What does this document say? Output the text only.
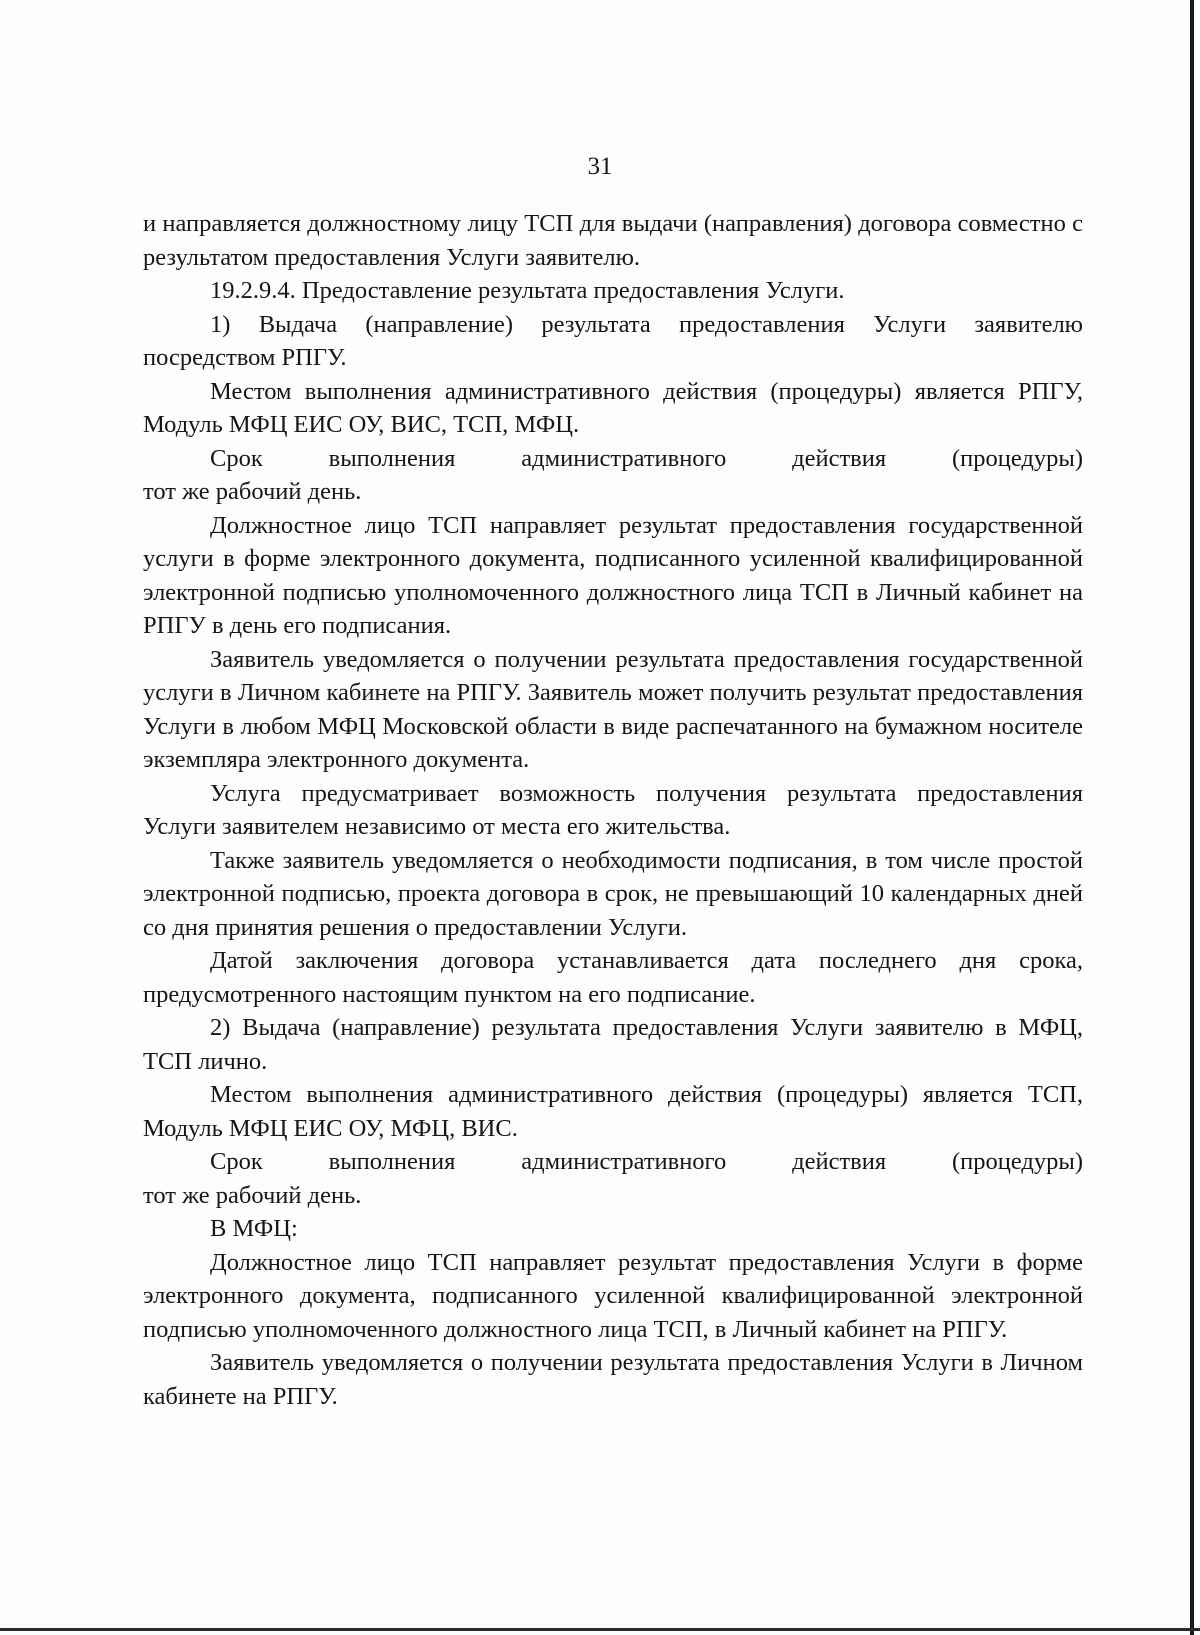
31

и направляется должностному лицу ТСП для выдачи (направления) договора совместно с результатом предоставления Услуги заявителю.

19.2.9.4. Предоставление результата предоставления Услуги.

1) Выдача (направление) результата предоставления Услуги заявителю посредством РПГУ.

Местом выполнения административного действия (процедуры) является РПГУ, Модуль МФЦ ЕИС ОУ, ВИС, ТСП, МФЦ.

Срок выполнения административного действия (процедуры)

тот же рабочий день.

Должностное лицо ТСП направляет результат предоставления государственной услуги в форме электронного документа, подписанного усиленной квалифицированной электронной подписью уполномоченного должностного лица ТСП в Личный кабинет на РПГУ в день его подписания.

Заявитель уведомляется о получении результата предоставления государственной услуги в Личном кабинете на РПГУ. Заявитель может получить результат предоставления Услуги в любом МФЦ Московской области в виде распечатанного на бумажном носителе экземпляра электронного документа.

Услуга предусматривает возможность получения результата предоставления Услуги заявителем независимо от места его жительства.

Также заявитель уведомляется о необходимости подписания, в том числе простой электронной подписью, проекта договора в срок, не превышающий 10 календарных дней со дня принятия решения о предоставлении Услуги.

Датой заключения договора устанавливается дата последнего дня срока, предусмотренного настоящим пунктом на его подписание.

2) Выдача (направление) результата предоставления Услуги заявителю в МФЦ, ТСП лично.

Местом выполнения административного действия (процедуры) является ТСП, Модуль МФЦ ЕИС ОУ, МФЦ, ВИС.

Срок выполнения административного действия (процедуры)

тот же рабочий день.

В МФЦ:

Должностное лицо ТСП направляет результат предоставления Услуги в форме электронного документа, подписанного усиленной квалифицированной электронной подписью уполномоченного должностного лица ТСП, в Личный кабинет на РПГУ.

Заявитель уведомляется о получении результата предоставления Услуги в Личном кабинете на РПГУ.
